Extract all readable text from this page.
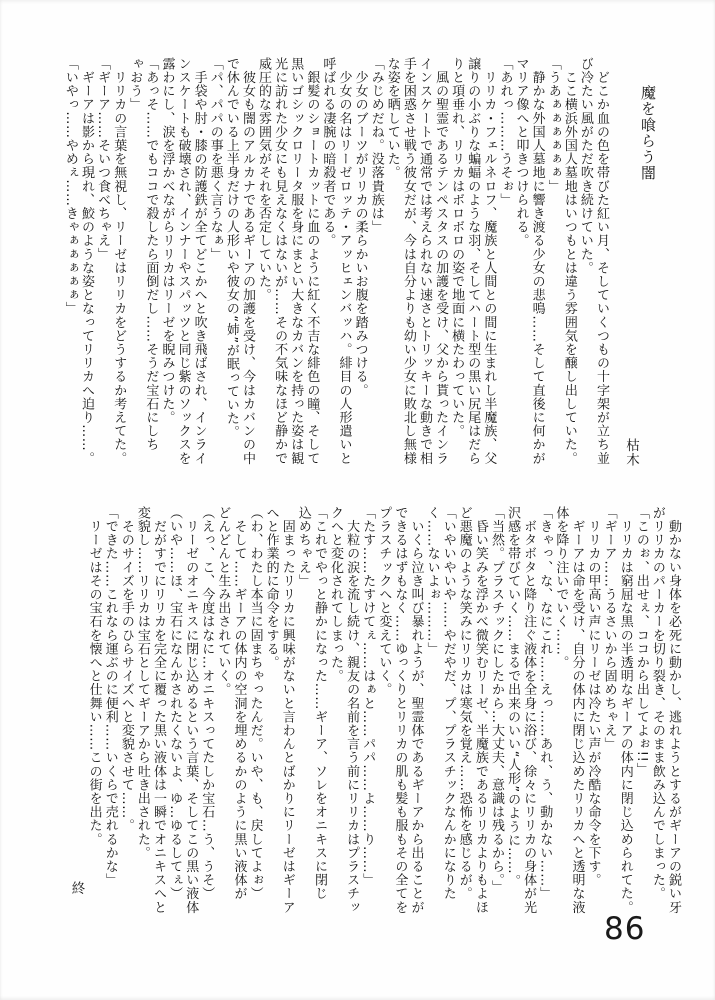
魔を喰らう闇
枯木
　どこか血の色を帯びた紅い月、そしていくつもの十字架が立ち並
び冷たい風がただ吹き続けていた。
　ここ横浜外国人墓地はいつもとは違う雰囲気を醸し出していた。
「うあぁぁぁぁぁぁ」
　静かな外国人墓地に響き渡る少女の悲鳴……そして直後に何かが
マリア像へと叩きつけられる。
「あれっ………うそぉ」
　リリカ・フェルネロフ、魔族と人間との間に生まれし半魔族、父
譲りの小ぶりな蝙蝠のような羽、そしてハート型の黒い尻尾はだら
りと項垂れ、リリカはボロボロの姿で地面に横たわっていた。
　風の聖霊であるテンペスタスの加護を受け、父から貰ったインラ
インスケートで通常では考えられない速さとトリッキーな動きで相
手を困惑させ戦う彼女だが、今は自分よりも幼い少女に敗北し無様
な姿を晒していた。
「みじめだね。没落貴族は」
　少女のブーツがリリカの柔らかいお腹を踏みつける。
　少女の名はリーゼロッテ・アッヒェンバッハ。緋目の人形遣いと
呼ばれる凄腕の暗殺者である。
　銀髪のショートカットに血のように紅く不吉な緋色の瞳、そして
黒いゴシックロリータ服を身にまとい大きなカバンを持った姿は観
光に訪れた少女にも見えなくはないが……その不気味なほど静かで
威圧的な雰囲気がそれを否定していた。
　彼女も闇のアルカナであるギーアの加護を受け、今はカバンの中
で休んでいる上半身だけの人形いや彼女の“姉”が眠っていた。
「パ、パパの事を悪く言うなぁ」
　手袋や肘・膝の防護鉄が全てどこかへと吹き飛ばされ、インライ
ンスケートも破壊され、インナーやスパッツと同じ紫のソックスを
露わにし、涙を浮かべながらリリカはリーゼを睨みつけた。
「あっそ……でもココで殺したら面倒だし……そうだ宝石にしち
ゃおう」
　リリカの言葉を無視し、リーゼはリリカをどうするか考えてた。
「ギーア……そいつ食べちゃえ」
　ギーアは影から現れ、鮫のような姿となってリリカへ迫り……。
「いやっ……やめぇ……きゃぁぁぁぁぁ」
　動かない身体を必死に動かし、逃れようとするがギーアの鋭い牙
がリリカのパーカーを切り裂き、そのまま飲み込んでしまった。
「このぉ、出せぇ、ココから出してよぉ!!」
　リリカは窮屈な黒の半透明なギーアの体内に閉じ込められてた。
「ギーア……うるさいから固めちゃえ」
　リリカの甲高い声にリーゼは冷たい声が冷酷な命令を下す。
　ギーアは命を受け、自分の体内に閉じ込めたリリカへと透明な液
体を降り注いでいく……。
「きゃっ、な、なにこれ……えっ……あれ、う、動かない……」
　ボタボタと降り注ぐ液体を全身に浴び、徐々にリリカの身体が光
沢感を帯びていく……まるで出来のいい“人形”のように……。
「当然。プラスチックにしたから…大丈夫、意識は残るから。」
　昏い笑みを浮かべ微笑むリーゼ、半魔族であるリリカよりもよほ
ど悪魔のような笑みにリリカは寒気を覚え……恐怖を感じるが。
「いやいやいや……やだやだ、プ、プラスチックなんかになりた
く……ないよぉ………」
　いくら泣き叫び暴れようが、聖霊体であるギーアから出ることが
できるはずもなく……ゆっくりとリリカの肌も髪も服もその全てを
プラスチックへと変えていく。
「たす……たすけてぇ……はぁと……パパ……よ……り……」
　大粒の涙を流し続け、親友の名前を言う前にリリカはプラスチッ
クへと変化されてしまった。
「これでやっと静かになった……ギーア、ソレをオニキスに閉じ
込めちゃえ」
　固まったリリカに興味がないと言わんとばかりにリーゼはギーア
へと作業的に命令をする。
（わ、わたし本当に固まちゃったんだ。いや、も、戻してよぉ）
　そして……ギーアの体内の空洞を埋めるかのように黒い液体が
どんどんと生み出されていく。
（えっ、こ、今度はなに…オニキスってたしか宝石…う、うそ）
　リーゼのオニキスに閉じ込めるという言葉、そしてこの黒い液体
（いや……ほ、宝石になんかされたくないよ、ゆ…ゆるしてぇ）
　だがすでにリリカを完全に覆った黒い液体は一瞬でオニキスへと
変貌し……リリカは宝石としてギーアから吐き出された。
　そのサイズを手のひらサイズへと変貌させて……。
「できた……これなら運ぶのに便利……いくらで売れるかな」
　リーゼはその宝石を懐へと仕舞い……この街を出た。
終
86
